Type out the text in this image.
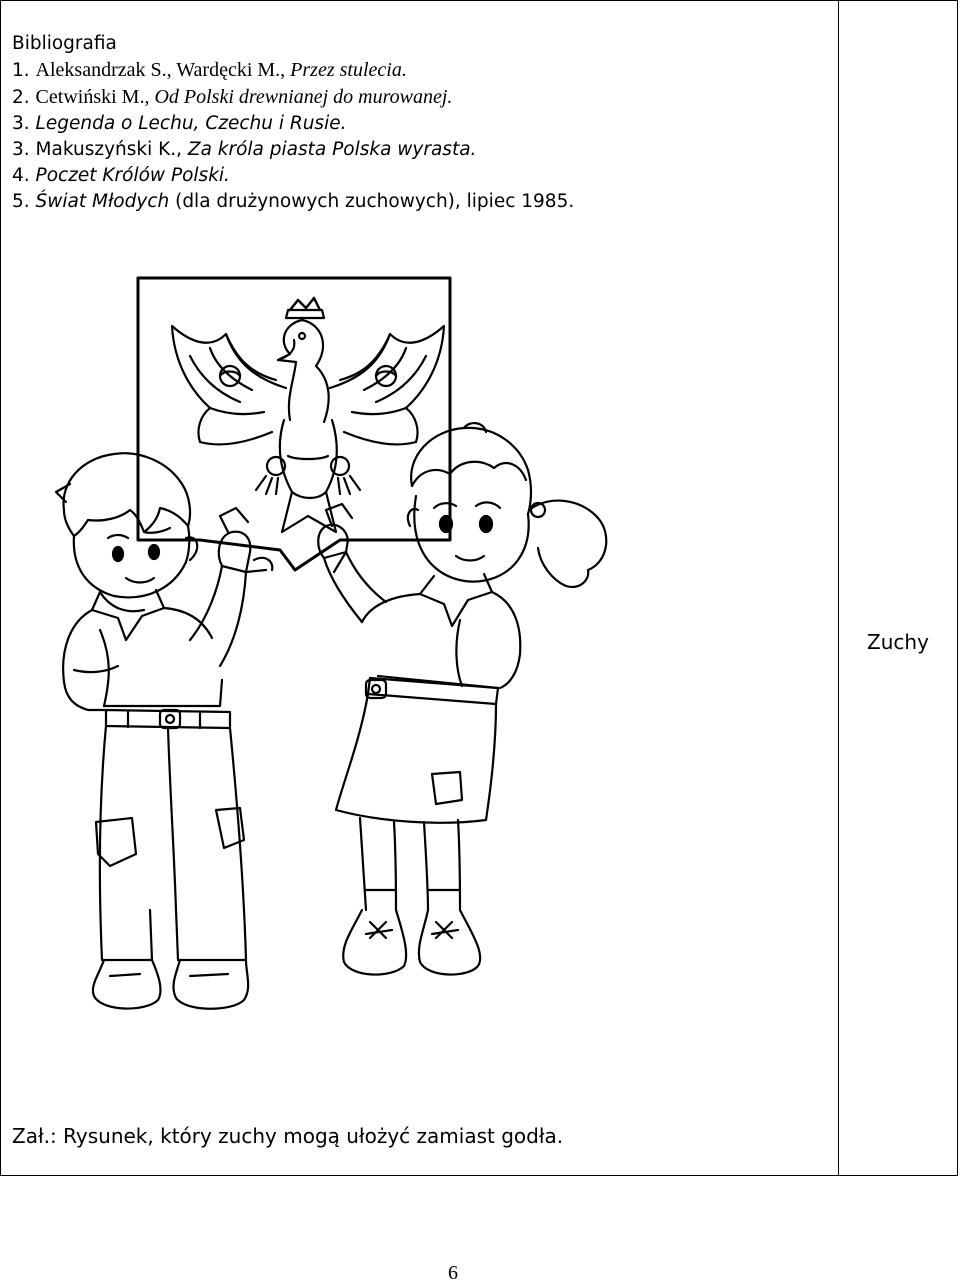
Bibliografia
1. Aleksandrzak S., Wardęcki M., Przez stulecia.
2. Cetwiński M., Od Polski drewnianej do murowanej.
3. Legenda o Lechu, Czechu i Rusie.
3. Makuszyński K., Za króla piasta Polska wyrasta.
4. Poczet Królów Polski.
5. Świat Młodych (dla drużynowych zuchowych), lipiec 1985.
Zuchy
Zał.: Rysunek, który zuchy mogą ułożyć zamiast godła.
6
